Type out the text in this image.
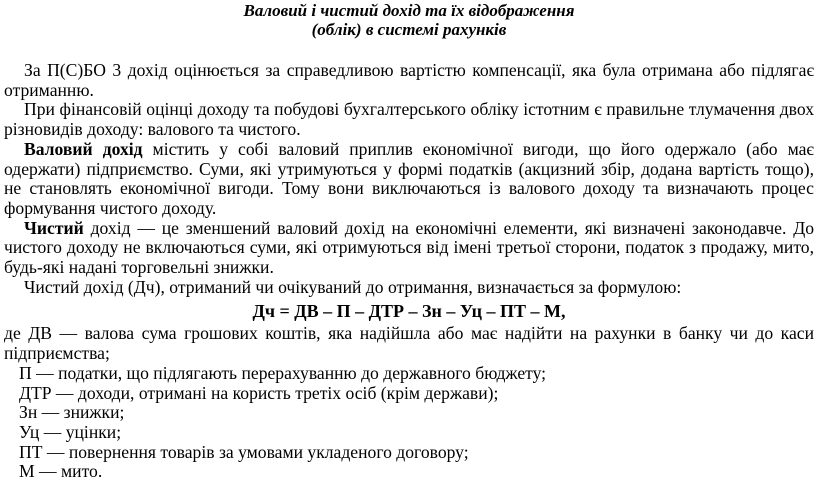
Валовий і чистий дохід та їх відображення
(облік) в системі рахунків

За П(С)БО 3 дохід оцінюється за справедливою вартістю компенсації, яка була отримана або підлягає отриманню.

При фінансовій оцінці доходу та побудові бухгалтерського обліку істотним є правильне тлумачення двох різновидів доходу: валового та чистого.

Валовий дохід містить у собі валовий приплив економічної вигоди, що його одержало (або має одержати) підприємство. Суми, які утримуються у формі податків (акцизний збір, додана вартість тощо), не становлять економічної вигоди. Тому вони виключаються із валового доходу та визначають процес формування чистого доходу.

Чистий дохід — це зменшений валовий дохід на економічні елементи, які визначені законодавче. До чистого доходу не включаються суми, які отримуються від імені третьої сторони, податок з продажу, мито, будь-які надані торговельні знижки.

Чистий дохід (Дч), отриманий чи очікуваний до отримання, визначається за формулою:

Дч = ДВ – П – ДТР – Зн – Уц – ПТ – М,

де ДВ — валова сума грошових коштів, яка надійшла або має надійти на рахунки в банку чи до каси підприємства;

П — податки, що підлягають перерахуванню до державного бюджету;

ДТР — доходи, отримані на користь третіх осіб (крім держави);

Зн — знижки;

Уц — уцінки;

ПТ — повернення товарів за умовами укладеного договору;

М — мито.
